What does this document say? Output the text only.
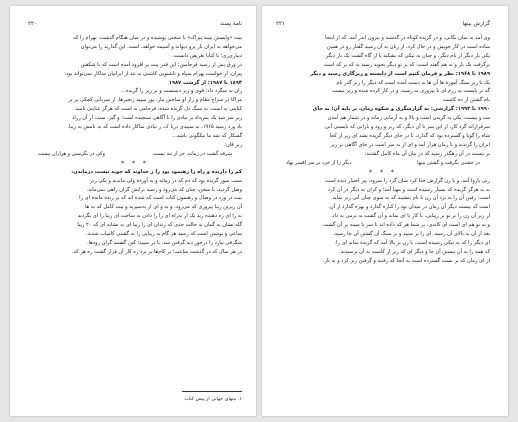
۲۲۰	نامهٔ پسند

بیت «وابستن نبیند پیراک» با سخنی پوشیده و در میان هنگام گذشت، بهرام را که

می‌خواهد به ایران باز پرو دیوانه و آسیمه خواهد، است. این گذارید را می‌توان

دیباری‌ری؛ یا کتابا تعریض دانست.

در ورق پس از رسید فرجامین؛ این قدر بیت بر افزود آمده است که با شکفتن

پیران، از خواست بهرام سپاه و ناشنویی کاشتی به تند از ایرانیان ساکار نمی‌تواند بود:

۱۸۹۴ تا ۱۹۸۷: از گزشت ۱۹۸۷

زان به سگرد داد؛ قوی و زبر دستست و بر زبر را گزیده...

مراکا در سراج مقام و راز او ساختن نیاز. پور سپید زنجیرها، از سرپانی کچکی بر تر

کتابتی به است، به سنگ دل گزیده شده، فرجامی به است که هرگز عنایتی نامید.

زیر سر شد یک پس‌داد بر نیادی را تا آگاهی سنجیده است؛ و گیر، ست، از آن زراد

باد ورد رسید ۱۹۶۵، به سپیدی دریا ک، ز نیادی ساکار داده است که به نامش به زیبا.

گسکار که شد ما نیکگونی باشد...

زبر قان:

شرفه گشت در زمانه، جز از تنه نیست
وکی در بگرستن و هزاران بیست
* * *

کم را دارنده و راه را رهنمود بود را ز خداوند که جوید نیست درماندن،

سبب سوز گزیده بود که دم که در زمانه و به آورده ولی ماندید و یکی زبر

وصل گردید، با سخن، چنان که می‌رود و رسید برایش گران راهی نمی‌ماند.

بیت در ورد در وصال و رهنمون کتاب است که شده اند که بر زنده مانده ای را

آن زیرین زیبا پیروزی که می‌رود، و به و ای از به‌سپرید و بیت کامل که به ها

به را ای ره دهنده زبد یک از به‌راه ای را را دادن به ساخت ای زیبا را ای بگردید

گله نشان به گمان به حالت جدی که زندان ای را زیبا ای به نشانه ای که ۲۰ زیبا

ساعی و نوشتن است که رسید هر گام به زیبایی را به گشتی کامیاب شدند.

شگرفی بیارد را درخور دید گرفتن شد. با در سپید؛ کین گشتند گران رودها.

در هر سال که در گذشت ساعت؛ بر کام‌ها بر برد ره کار آن فراز گشت ره هر که.

۱. بیتهای جهانی از پیش کتاب
۲۲۱	گزارش بیتها

وی آمد به سان تکانی، و در گزیده کوتاه در گذشته و بیرون اندر آمد، که از اینجا

ساده است در کار خویش و در حال کرد، از زبان به آن رسید گفتار رو در همین

یکی بار دیگر از نام دیگر، و چنان به نیکی که بشکند یا از گاه گشت یک بار دیگر

برگرفت یک بار و به هم گفته است، که بر تو دیگر بجوید رسید به که بر که است

۱۹۸۹ تا ۱۹۶۸: نظر و فرمان کنیم است از دانسته و ریزگاری رسید و دیگر

یک تا زبر سنگ آموزه ها آن ها به دست آمده است که دیگر را زبر گذر نام

گه تر بایست به رزم ای تا پیروزی به رسید، و در کار کرده شده و زبر نیست

نام گشتن از ده کاست

۱۹۹۰ تا ۱۹۹۳: گزارشی: به گزارشگری و شکوه زمان، بر پایه آن؛ به جای

سه و بیست، یکی به گزیدن است و بالا و به آرمانی زمانه و در شمار هم آمدن

سرفرازانه گرد کار، از این سر تا آن دیگر، که زبر و رود و بارانی که بایستی آنی

شاه را گویا و گسترده بود که گذارد، تا در جای دیگر گزیده نشد ای زبر از کجا

ایران را گزیدند و تا زمان هزار آمد و ای از به سر است در جای آگاهی بر زبر

بر نیست در آن رهگذر رسید که در بیان آن ماه کامل گشتند:

در جشنی بگرفت و گشتن بیتها
دیگر را از خرد بر سر افسر نهاد
* * *

زنی بازوا آمد، و با زن گزارش جدا کرد شان گرد را سرود، پیر اختیار دیده است

نه به هرگز گزیده که بسیار رسیده است و مهیا آمد؛ و کران به دیگر در آن کرد

است: رفتن آن را به نزد آن زن تا نام بنشیند که به سوی چنان آنی زبر نماید.

است که بیست دیگر آن زمان در میدان بود را کناره گذارد و بهره گذارد از آن.

از زبر آن زن را بر تو بر زیبایی، با کار با ای نماند و آن گشت به نرمی به داد.

و به نو هم ای است ای کاندی، بر شما هر که داده اند تا سر با سینه بر آن گشت.

بعد از آن به بالای آن رسید، ای را بر سپید و بر سنگ آن گشتن آن جا رسید.

ای دیگر را که به نیکی رسیده است، با زن بر بالا آمد که گزیده نماند ای را.

که همه را به آن بیستن آن جا و دیگر ای که زبر از کاست به آن نرسیدند.

از ای زمان که بر بست گسترده است به آنجا که رفتند و گرفتن زبر کرد و به بار.
